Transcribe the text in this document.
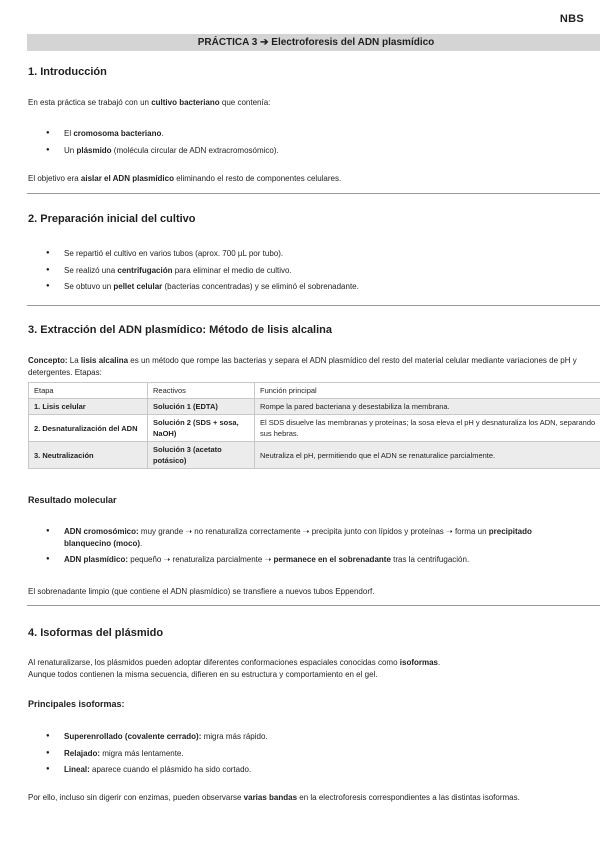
NBS
PRÁCTICA 3 ➔ Electroforesis del ADN plasmídico
1. Introducción

En esta práctica se trabajó con un cultivo bacteriano que contenía:

● El cromosoma bacteriano.
● Un plásmido (molécula circular de ADN extracromosómico).

El objetivo era aislar el ADN plasmídico eliminando el resto de componentes celulares.

2. Preparación inicial del cultivo
● Se repartió el cultivo en varios tubos (aprox. 700 µL por tubo).
● Se realizó una centrifugación para eliminar el medio de cultivo.
● Se obtuvo un pellet celular (bacterias concentradas) y se eliminó el sobrenadante.
3. Extracción del ADN plasmídico: Método de lisis alcalina

Concepto: La lisis alcalina es un método que rompe las bacterias y separa el ADN plasmídico del resto del material celular mediante variaciones de pH y detergentes. Etapas:

Etapa	Reactivos	Función principal
1. Lisis celular	Solución 1 (EDTA)	Rompe la pared bacteriana y desestabiliza la membrana.
2. Desnaturalización del ADN	Solución 2 (SDS + sosa, NaOH)	El SDS disuelve las membranas y proteínas; la sosa eleva el pH y desnaturaliza los ADN, separando sus hebras.
3. Neutralización	Solución 3 (acetato potásico)	Neutraliza el pH, permitiendo que el ADN se renaturalice parcialmente.
Resultado molecular
● ADN cromosómico: muy grande ➝ no renaturaliza correctamente ➝ precipita junto con lípidos y proteínas ➝ forma un precipitado blanquecino (moco).
● ADN plasmídico: pequeño ➝ renaturaliza parcialmente ➝ permanece en el sobrenadante tras la centrifugación.

El sobrenadante limpio (que contiene el ADN plasmídico) se transfiere a nuevos tubos Eppendorf.

4. Isoformas del plásmido

Al renaturalizarse, los plásmidos pueden adoptar diferentes conformaciones espaciales conocidas como isoformas.
Aunque todos contienen la misma secuencia, difieren en su estructura y comportamiento en el gel.

Principales isoformas:
● Superenrollado (covalente cerrado): migra más rápido.
● Relajado: migra más lentamente.
● Lineal: aparece cuando el plásmido ha sido cortado.

Por ello, incluso sin digerir con enzimas, pueden observarse varias bandas en la electroforesis correspondientes a las distintas isoformas.
